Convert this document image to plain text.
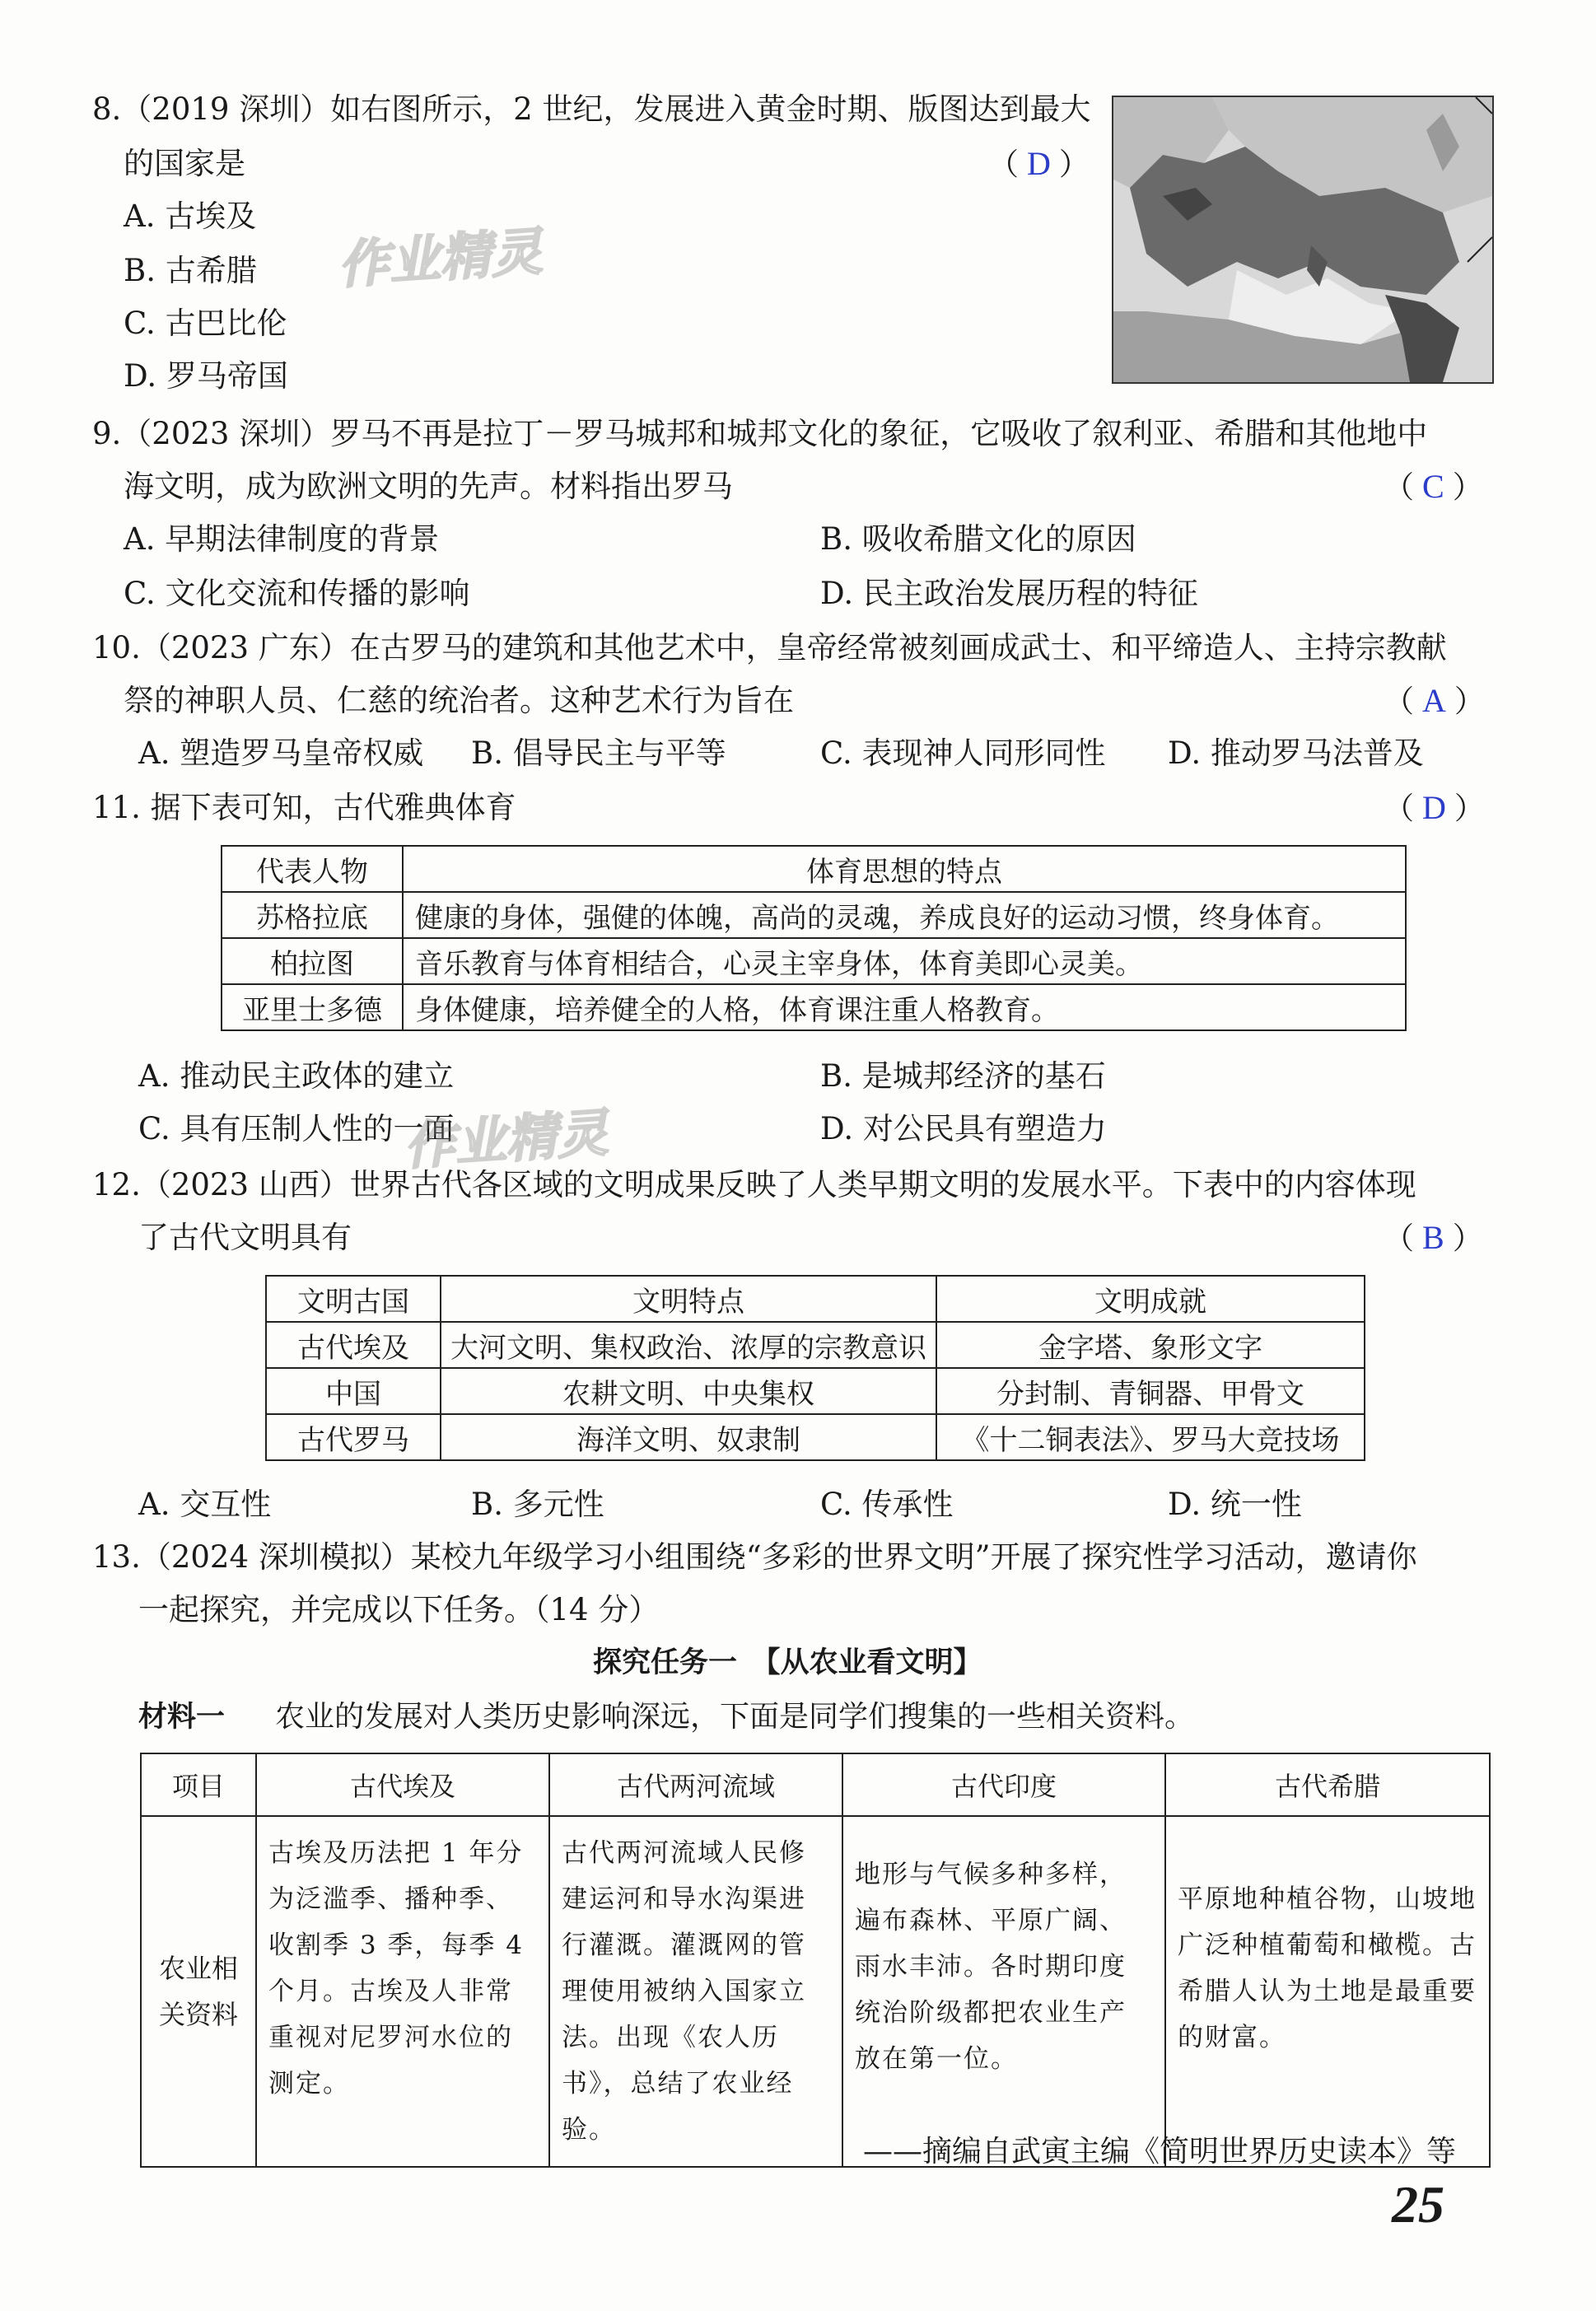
8.（2019 深圳）如右图所示，2 世纪，发展进入黄金时期、版图达到最大
的国家是	（ D ）
A. 古埃及
B. 古希腊
C. 古巴比伦
D. 罗马帝国
作业精灵
9.（2023 深圳）罗马不再是拉丁－罗马城邦和城邦文化的象征，它吸收了叙利亚、希腊和其他地中
海文明，成为欧洲文明的先声。材料指出罗马	（ C ）
A. 早期法律制度的背景	B. 吸收希腊文化的原因
C. 文化交流和传播的影响	D. 民主政治发展历程的特征
10.（2023 广东）在古罗马的建筑和其他艺术中，皇帝经常被刻画成武士、和平缔造人、主持宗教献
祭的神职人员、仁慈的统治者。这种艺术行为旨在	（ A ）
A. 塑造罗马皇帝权威 B. 倡导民主与平等	C. 表现神人同形同性 D. 推动罗马法普及
11. 据下表可知，古代雅典体育	（ D ）
代表人物	体育思想的特点
苏格拉底	健康的身体，强健的体魄，高尚的灵魂，养成良好的运动习惯，终身体育。
柏拉图	音乐教育与体育相结合，心灵主宰身体，体育美即心灵美。
亚里士多德	身体健康，培养健全的人格，体育课注重人格教育。
A. 推动民主政体的建立	B. 是城邦经济的基石
C. 具有压制人性的一面	D. 对公民具有塑造力
作业精灵
12.（2023 山西）世界古代各区域的文明成果反映了人类早期文明的发展水平。下表中的内容体现
了古代文明具有	（ B ）
文明古国	文明特点	文明成就
古代埃及	大河文明、集权政治、浓厚的宗教意识	金字塔、象形文字
中国	农耕文明、中央集权	分封制、青铜器、甲骨文
古代罗马	海洋文明、奴隶制	《十二铜表法》、罗马大竞技场
A. 交互性	B. 多元性	C. 传承性	D. 统一性
13.（2024 深圳模拟）某校九年级学习小组围绕“多彩的世界文明”开展了探究性学习活动，邀请你
一起探究，并完成以下任务。（14 分）
探究任务一　【从农业看文明】
材料一 农业的发展对人类历史影响深远，下面是同学们搜集的一些相关资料。
项目	古代埃及	古代两河流域	古代印度	古代希腊
农业相关资料	古埃及历法把 1 年分为泛滥季、播种季、收割季 3 季，每季 4 个月。古埃及人非常重视对尼罗河水位的测定。	古代两河流域人民修建运河和导水沟渠进行灌溉。灌溉网的管理使用被纳入国家立法。出现《农人历书》，总结了农业经验。	地形与气候多种多样，遍布森林、平原广阔、雨水丰沛。各时期印度统治阶级都把农业生产放在第一位。	平原地种植谷物，山坡地广泛种植葡萄和橄榄。古希腊人认为土地是最重要的财富。
——摘编自武寅主编《简明世界历史读本》等
25
